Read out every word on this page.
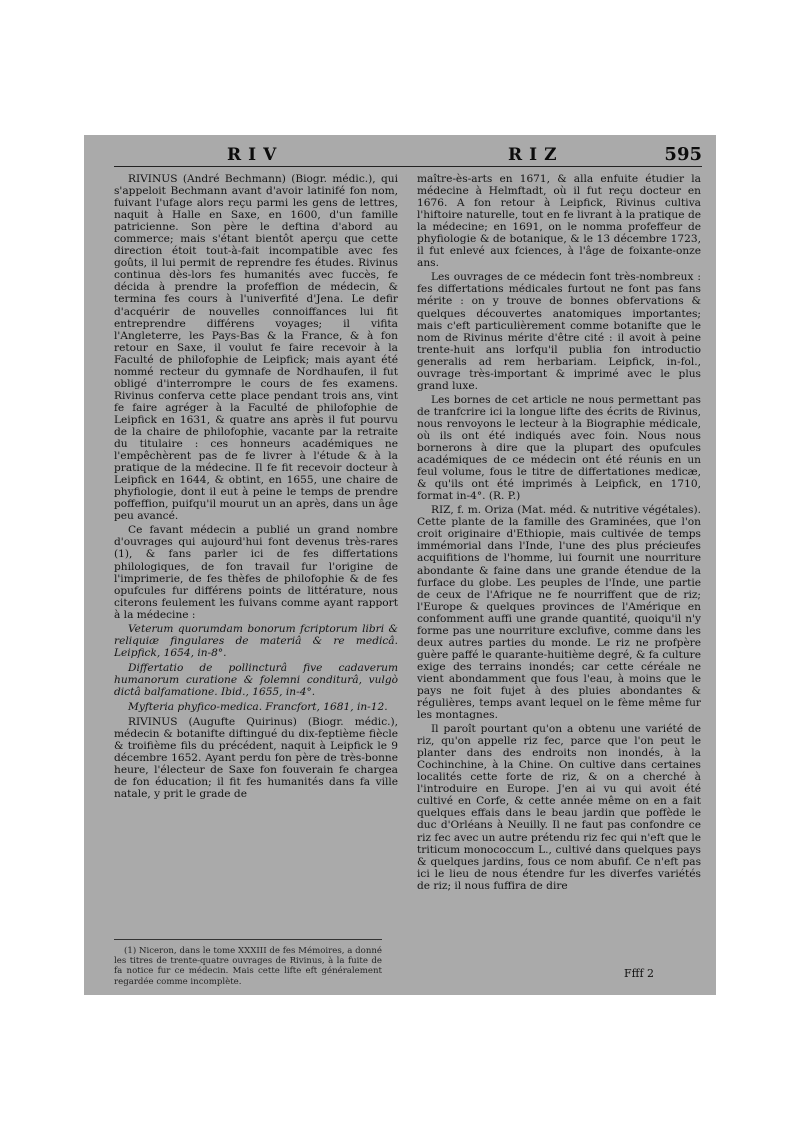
RIV	RIZ	595

RIVINUS (André Bechmann) (Biogr. médic.), qui s'appeloit Bechmann avant d'avoir latinifé fon nom, fuivant l'ufage alors reçu parmi les gens de lettres, naquit à Halle en Saxe, en 1600, d'un famille patricienne. Son père le deftina d'abord au commerce; mais s'étant bientôt aperçu que cette direction étoit tout-à-fait incompatible avec fes goûts, il lui permit de reprendre fes études. Rivinus continua dès-lors fes humanités avec fuccès, fe décida à prendre la profeffion de médecin, & termina fes cours à l'univerfité d'Jena. Le defir d'acquérir de nouvelles connoiffances lui fit entreprendre différens voyages; il vifita l'Angleterre, les Pays-Bas & la France, & à fon retour en Saxe, il voulut fe faire recevoir à la Faculté de philofophie de Leipfick; mais ayant été nommé recteur du gymnafe de Nordhaufen, il fut obligé d'interrompre le cours de fes examens. Rivinus conferva cette place pendant trois ans, vint fe faire agréger à la Faculté de philofophie de Leipfick en 1631, & quatre ans après il fut pourvu de la chaire de philofophie, vacante par la retraite du titulaire : ces honneurs académiques ne l'empêchèrent pas de fe livrer à l'étude & à la pratique de la médecine. Il fe fit recevoir docteur à Leipfick en 1644, & obtint, en 1655, une chaire de phyfiologie, dont il eut à peine le temps de prendre poffeffion, puifqu'il mourut un an après, dans un âge peu avancé.

Ce favant médecin a publié un grand nombre d'ouvrages qui aujourd'hui font devenus très-rares (1), & fans parler ici de fes differtations philologiques, de fon travail fur l'origine de l'imprimerie, de fes thèfes de philofophie & de fes opufcules fur différens points de littérature, nous citerons feulement les fuivans comme ayant rapport à la médecine :

Veterum quorumdam bonorum fcriptorum libri & reliquiæ fingulares de materiâ & re medicâ. Leipfick, 1654, in-8°.

Differtatio de pollincturâ five cadaverum humanorum curatione & folemni conditurâ, vulgò dictâ balfamatione. Ibid., 1655, in-4°.

Myfteria phyfico-medica. Francfort, 1681, in-12.

RIVINUS (Augufte Quirinus) (Biogr. médic.), médecin & botanifte diftingué du dix-feptième fiècle & troifième fils du précédent, naquit à Leipfick le 9 décembre 1652. Ayant perdu fon père de très-bonne heure, l'électeur de Saxe fon fouverain fe chargea de fon éducation; il fit fes humanités dans fa ville natale, y prit le grade de

(1) Niceron, dans le tome XXXIII de fes Mémoires, a donné les titres de trente-quatre ouvrages de Rivinus, à la fuite de fa notice fur ce médecin. Mais cette lifte eft généralement regardée comme incomplète.

maître-ès-arts en 1671, & alla enfuite étudier la médecine à Helmftadt, où il fut reçu docteur en 1676. A fon retour à Leipfick, Rivinus cultiva l'hiftoire naturelle, tout en fe livrant à la pratique de la médecine; en 1691, on le nomma profeffeur de phyfiologie & de botanique, & le 13 décembre 1723, il fut enlevé aux fciences, à l'âge de foixante-onze ans.

Les ouvrages de ce médecin font très-nombreux : fes differtations médicales furtout ne font pas fans mérite : on y trouve de bonnes obfervations & quelques découvertes anatomiques importantes; mais c'eft particulièrement comme botanifte que le nom de Rivinus mérite d'être cité : il avoit à peine trente-huit ans lorfqu'il publia fon introductio generalis ad rem herbariam. Leipfick, in-fol., ouvrage très-important & imprimé avec le plus grand luxe.

Les bornes de cet article ne nous permettant pas de tranfcrire ici la longue lifte des écrits de Rivinus, nous renvoyons le lecteur à la Biographie médicale, où ils ont été indiqués avec foin. Nous nous bornerons à dire que la plupart des opufcules académiques de ce médecin ont été réunis en un feul volume, fous le titre de differtationes medicæ, & qu'ils ont été imprimés à Leipfick, en 1710, format in-4°. (R. P.)

RIZ, f. m. Oriza (Mat. méd. & nutritive végétales). Cette plante de la famille des Graminées, que l'on croit originaire d'Ethiopie, mais cultivée de temps immémorial dans l'Inde, l'une des plus précieufes acquifitions de l'homme, lui fournit une nourriture abondante & faine dans une grande étendue de la furface du globe. Les peuples de l'Inde, une partie de ceux de l'Afrique ne fe nourriffent que de riz; l'Europe & quelques provinces de l'Amérique en confomment auffi une grande quantité, quoiqu'il n'y forme pas une nourriture exclufive, comme dans les deux autres parties du monde. Le riz ne profpère guère paffé le quarante-huitième degré, & fa culture exige des terrains inondés; car cette céréale ne vient abondamment que fous l'eau, à moins que le pays ne foit fujet à des pluies abondantes & régulières, temps avant lequel on le fème même fur les montagnes.

Il paroît pourtant qu'on a obtenu une variété de riz, qu'on appelle riz fec, parce que l'on peut le planter dans des endroits non inondés, à la Cochinchine, à la Chine. On cultive dans certaines localités cette forte de riz, & on a cherché à l'introduire en Europe. J'en ai vu qui avoit été cultivé en Corfe, & cette année même on en a fait quelques effais dans le beau jardin que poffède le duc d'Orléans à Neuilly. Il ne faut pas confondre ce riz fec avec un autre prétendu riz fec qui n'eft que le triticum monococcum L., cultivé dans quelques pays & quelques jardins, fous ce nom abufif. Ce n'eft pas ici le lieu de nous étendre fur les diverfes variétés de riz; il nous fuffira de dire

Ffff 2
